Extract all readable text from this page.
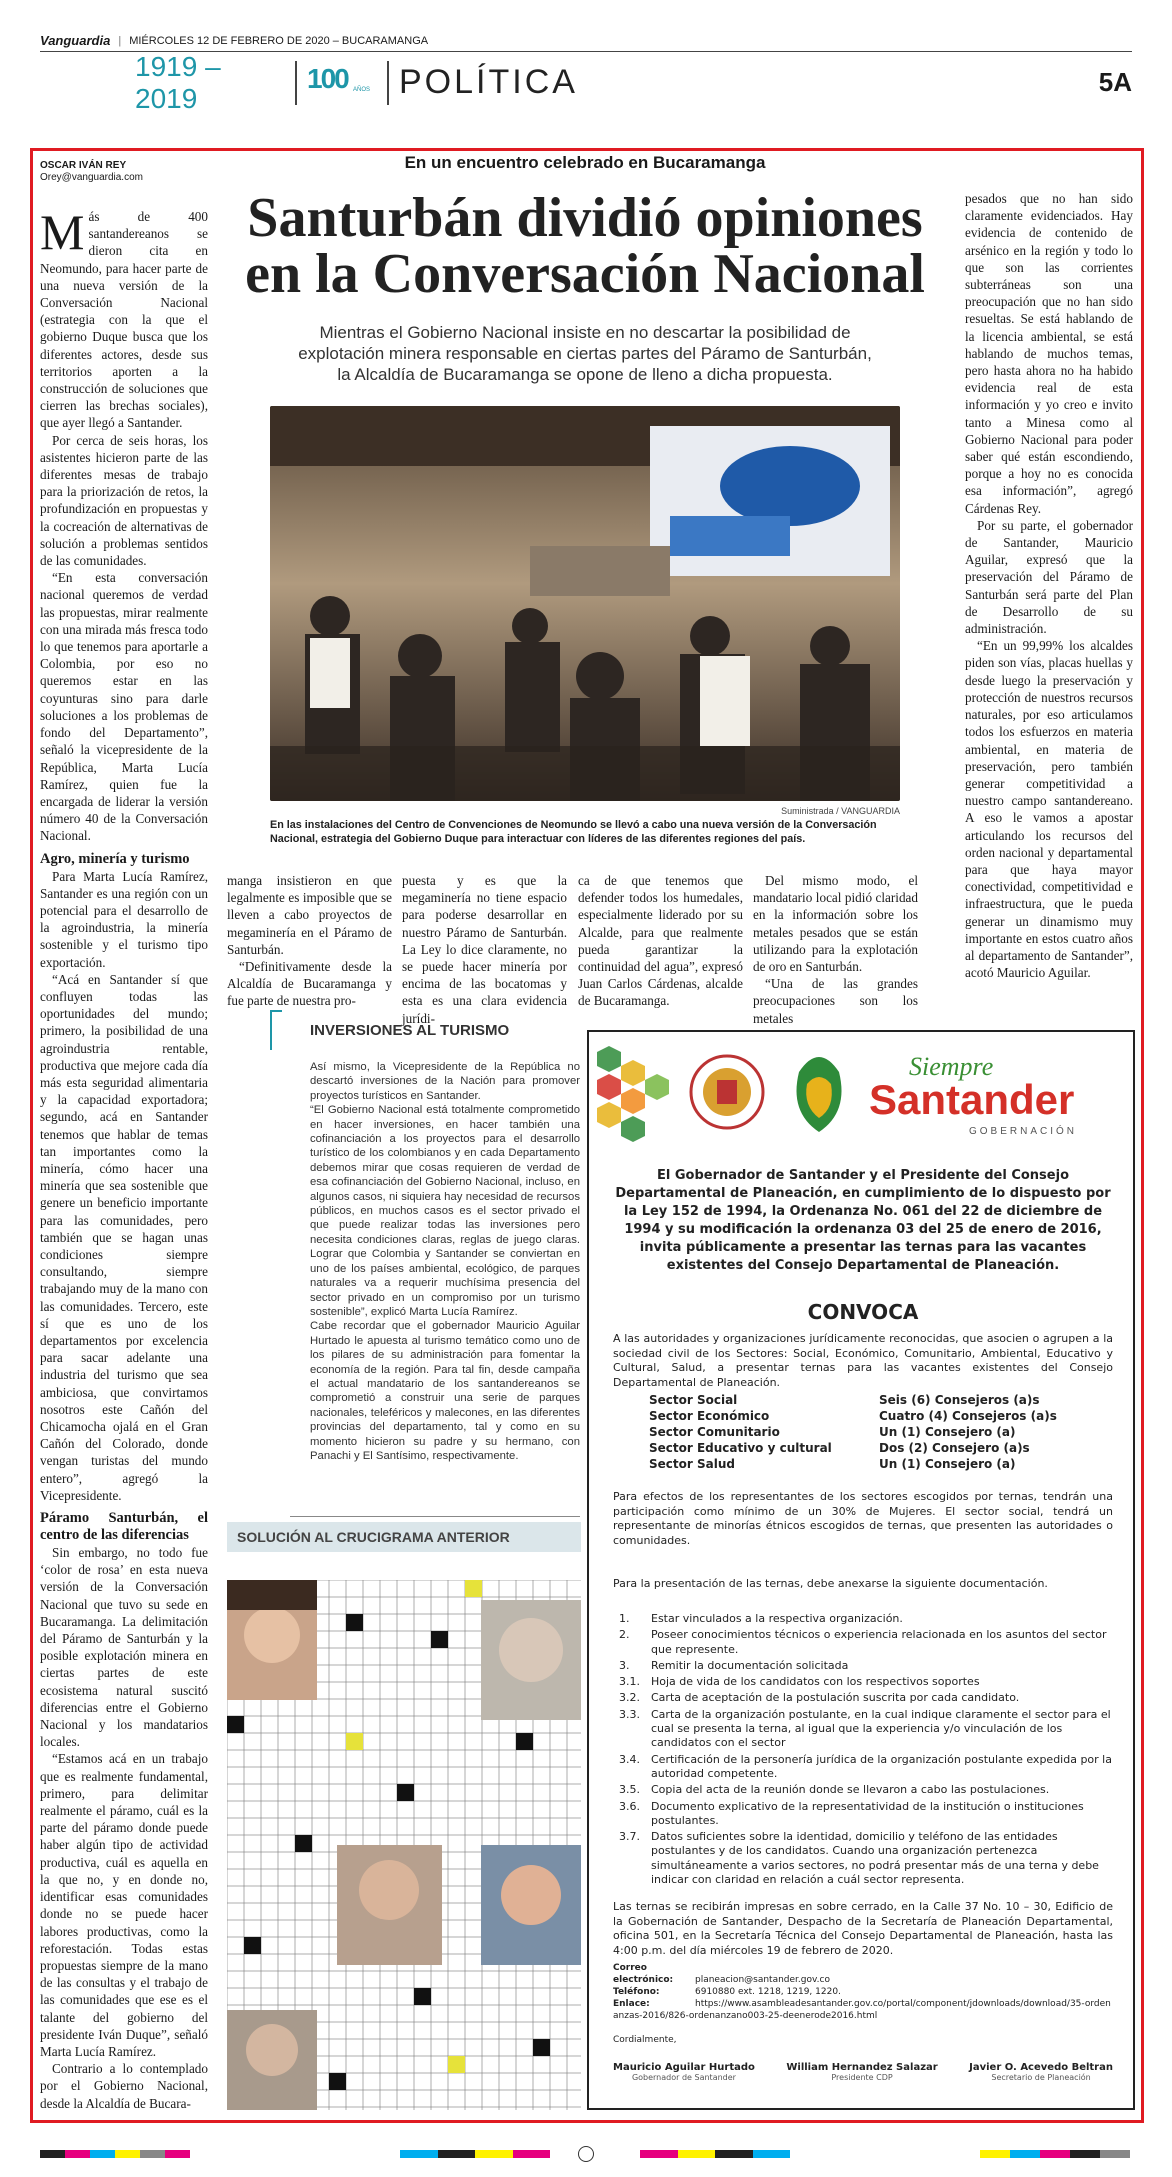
Vanguardia | MIÉRCOLES 12 DE FEBRERO DE 2020 – BUCARAMANGA
1919 – 2019
100 AÑOS POLÍTICA	5A
OSCAR IVÁN REY
Orey@vanguardia.com
En un encuentro celebrado en Bucaramanga
Santurbán dividió opiniones en la Conversación Nacional
Mientras el Gobierno Nacional insiste en no descartar la posibilidad de explotación minera responsable en ciertas partes del Páramo de Santurbán, la Alcaldía de Bucaramanga se opone de lleno a dicha propuesta.

Más de 400 santandereanos se dieron cita en Neomundo, para hacer parte de una nueva versión de la Conversación Nacional (estrategia con la que el gobierno Duque busca que los diferentes actores, desde sus territorios aporten a la construcción de soluciones que cierren las brechas sociales), que ayer llegó a Santander.

Por cerca de seis horas, los asistentes hicieron parte de las diferentes mesas de trabajo para la priorización de retos, la profundización en propuestas y la cocreación de alternativas de solución a problemas sentidos de las comunidades.

“En esta conversación nacional queremos de verdad las propuestas, mirar realmente con una mirada más fresca todo lo que tenemos para aportarle a Colombia, por eso no queremos estar en las coyunturas sino para darle soluciones a los problemas de fondo del Departamento”, señaló la vicepresidente de la República, Marta Lucía Ramírez, quien fue la encargada de liderar la versión número 40 de la Conversación Nacional.

Agro, minería y turismo

Para Marta Lucía Ramírez, Santander es una región con un potencial para el desarrollo de la agroindustria, la minería sostenible y el turismo tipo exportación.

“Acá en Santander sí que confluyen todas las oportunidades del mundo; primero, la posibilidad de una agroindustria rentable, productiva que mejore cada día más esta seguridad alimentaria y la capacidad exportadora; segundo, acá en Santander tenemos que hablar de temas tan importantes como la minería, cómo hacer una minería que sea sostenible que genere un beneficio importante para las comunidades, pero también que se hagan unas condiciones siempre consultando, siempre trabajando muy de la mano con las comunidades. Tercero, este sí que es uno de los departamentos por excelencia para sacar adelante una industria del turismo que sea ambiciosa, que convirtamos nosotros este Cañón del Chicamocha ojalá en el Gran Cañón del Colorado, donde vengan turistas del mundo entero”, agregó la Vicepresidente.

Páramo Santurbán, el centro de las diferencias

Sin embargo, no todo fue ‘color de rosa’ en esta nueva versión de la Conversación Nacional que tuvo su sede en Bucaramanga. La delimitación del Páramo de Santurbán y la posible explotación minera en ciertas partes de este ecosistema natural suscitó diferencias entre el Gobierno Nacional y los mandatarios locales.

“Estamos acá en un trabajo que es realmente fundamental, primero, para delimitar realmente el páramo, cuál es la parte del páramo donde puede haber algún tipo de actividad productiva, cuál es aquella en la que no, y en donde no, identificar esas comunidades donde no se puede hacer labores productivas, como la reforestación. Todas estas propuestas siempre de la mano de las consultas y el trabajo de las comunidades que ese es el talante del gobierno del presidente Iván Duque”, señaló Marta Lucía Ramírez.

Contrario a lo contemplado por el Gobierno Nacional, desde la Alcaldía de Bucara-

Suministrada / VANGUARDIA
En las instalaciones del Centro de Convenciones de Neomundo se llevó a cabo una nueva versión de la Conversación Nacional, estrategia del Gobierno Duque para interactuar con líderes de las diferentes regiones del país.

manga insistieron en que legalmente es imposible que se lleven a cabo proyectos de megaminería en el Páramo de Santurbán.

“Definitivamente desde la Alcaldía de Bucaramanga y fue parte de nuestra pro-

puesta y es que la megaminería no tiene espacio para poderse desarrollar en nuestro Páramo de Santurbán. La Ley lo dice claramente, no se puede hacer minería por encima de las bocatomas y esta es una clara evidencia jurídi-

ca de que tenemos que defender todos los humedales, especialmente liderado por su Alcalde, para que realmente pueda garantizar la continuidad del agua”, expresó Juan Carlos Cárdenas, alcalde de Bucaramanga.

Del mismo modo, el mandatario local pidió claridad en la información sobre los metales pesados que se están utilizando para la explotación de oro en Santurbán.

“Una de las grandes preocupaciones son los metales

pesados que no han sido claramente evidenciados. Hay evidencia de contenido de arsénico en la región y todo lo que son las corrientes subterráneas son una preocupación que no han sido resueltas. Se está hablando de la licencia ambiental, se está hablando de muchos temas, pero hasta ahora no ha habido evidencia real de esta información y yo creo e invito tanto a Minesa como al Gobierno Nacional para poder saber qué están escondiendo, porque a hoy no es conocida esa información”, agregó Cárdenas Rey.

Por su parte, el gobernador de Santander, Mauricio Aguilar, expresó que la preservación del Páramo de Santurbán será parte del Plan de Desarrollo de su administración.

“En un 99,99% los alcaldes piden son vías, placas huellas y desde luego la preservación y protección de nuestros recursos naturales, por eso articulamos todos los esfuerzos en materia ambiental, en materia de preservación, pero también generar competitividad a nuestro campo santandereano. A eso le vamos a apostar articulando los recursos del orden nacional y departamental para que haya mayor conectividad, competitividad e infraestructura, que le pueda generar un dinamismo muy importante en estos cuatro años al departamento de Santander”, acotó Mauricio Aguilar.

INVERSIONES AL TURISMO

Así mismo, la Vicepresidente de la República no descartó inversiones de la Nación para promover proyectos turísticos en Santander.

“El Gobierno Nacional está totalmente comprometido en hacer inversiones, en hacer también una cofinanciación a los proyectos para el desarrollo turístico de los colombianos y en cada Departamento debemos mirar que cosas requieren de verdad de esa cofinanciación del Gobierno Nacional, incluso, en algunos casos, ni siquiera hay necesidad de recursos públicos, en muchos casos es el sector privado el que puede realizar todas las inversiones pero necesita condiciones claras, reglas de juego claras. Lograr que Colombia y Santander se conviertan en uno de los países ambiental, ecológico, de parques naturales va a requerir muchísima presencia del sector privado en un compromiso por un turismo sostenible”, explicó Marta Lucía Ramírez.

Cabe recordar que el gobernador Mauricio Aguilar Hurtado le apuesta al turismo temático como uno de los pilares de su administración para fomentar la economía de la región. Para tal fin, desde campaña el actual mandatario de los santandereanos se comprometió a construir una serie de parques nacionales, teleféricos y malecones, en las diferentes provincias del departamento, tal y como en su momento hicieron su padre y su hermano, con Panachi y El Santísimo, respectivamente.

SOLUCIÓN AL CRUCIGRAMA ANTERIOR
Siempre
Santander
GOBERNACIÓN
El Gobernador de Santander y el Presidente del Consejo Departamental de Planeación, en cumplimiento de lo dispuesto por la Ley 152 de 1994, la Ordenanza No. 061 del 22 de diciembre de 1994 y su modificación la ordenanza 03 del 25 de enero de 2016, invita públicamente a presentar las ternas para las vacantes existentes del Consejo Departamental de Planeación.
CONVOCA
A las autoridades y organizaciones jurídicamente reconocidas, que asocien o agrupen a la sociedad civil de los Sectores: Social, Económico, Comunitario, Ambiental, Educativo y Cultural, Salud, a presentar ternas para las vacantes existentes del Consejo Departamental de Planeación.
Sector Social	Seis (6) Consejeros (a)s
Sector Económico	Cuatro (4) Consejeros (a)s
Sector Comunitario	Un (1) Consejero (a)
Sector Educativo y cultural	Dos (2) Consejero (a)s
Sector Salud	Un (1) Consejero (a)
Para efectos de los representantes de los sectores escogidos por ternas, tendrán una participación como mínimo de un 30% de Mujeres. El sector social, tendrá un representante de minorías étnicos escogidos de ternas, que presenten las autoridades o comunidades.
Para la presentación de las ternas, debe anexarse la siguiente documentación.
1.	Estar vinculados a la respectiva organización.
2.	Poseer conocimientos técnicos o experiencia relacionada en los asuntos del sector que represente.
3.	Remitir la documentación solicitada
3.1.	Hoja de vida de los candidatos con los respectivos soportes
3.2.	Carta de aceptación de la postulación suscrita por cada candidato.
3.3.	Carta de la organización postulante, en la cual indique claramente el sector para el cual se presenta la terna, al igual que la experiencia y/o vinculación de los candidatos con el sector
3.4.	Certificación de la personería jurídica de la organización postulante expedida por la autoridad competente.
3.5.	Copia del acta de la reunión donde se llevaron a cabo las postulaciones.
3.6.	Documento explicativo de la representatividad de la institución o instituciones postulantes.
3.7.	Datos suficientes sobre la identidad, domicilio y teléfono de las entidades postulantes y de los candidatos. Cuando una organización pertenezca simultáneamente a varios sectores, no podrá presentar más de una terna y debe indicar con claridad en relación a cuál sector representa.
Las ternas se recibirán impresas en sobre cerrado, en la Calle 37 No. 10 – 30, Edificio de la Gobernación de Santander, Despacho de la Secretaría de Planeación Departamental, oficina 501, en la Secretaría Técnica del Consejo Departamental de Planeación, hasta las 4:00 p.m. del día miércoles 19 de febrero de 2020.
Correo electrónico: planeacion@santander.gov.co
Teléfono:	6910880 ext. 1218, 1219, 1220.
Enlace:	https://www.asambleadesantander.gov.co/portal/component/jdownloads/download/35-ordenanzas-2016/826-ordenanzano003-25-deenerode2016.html
Cordialmente,
Mauricio Aguilar Hurtado
Gobernador de Santander
William Hernandez Salazar
Presidente CDP
Javier O. Acevedo Beltran
Secretario de Planeación
